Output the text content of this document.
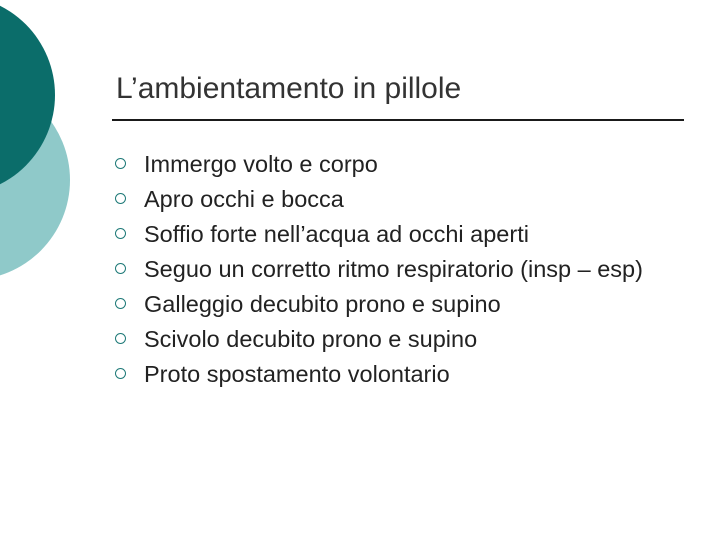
L’ambientamento in pillole
Immergo volto e corpo
Apro occhi e bocca
Soffio forte nell’acqua ad occhi aperti
Seguo un corretto ritmo respiratorio (insp – esp)
Galleggio decubito prono e supino
Scivolo decubito prono e supino
Proto spostamento volontario
